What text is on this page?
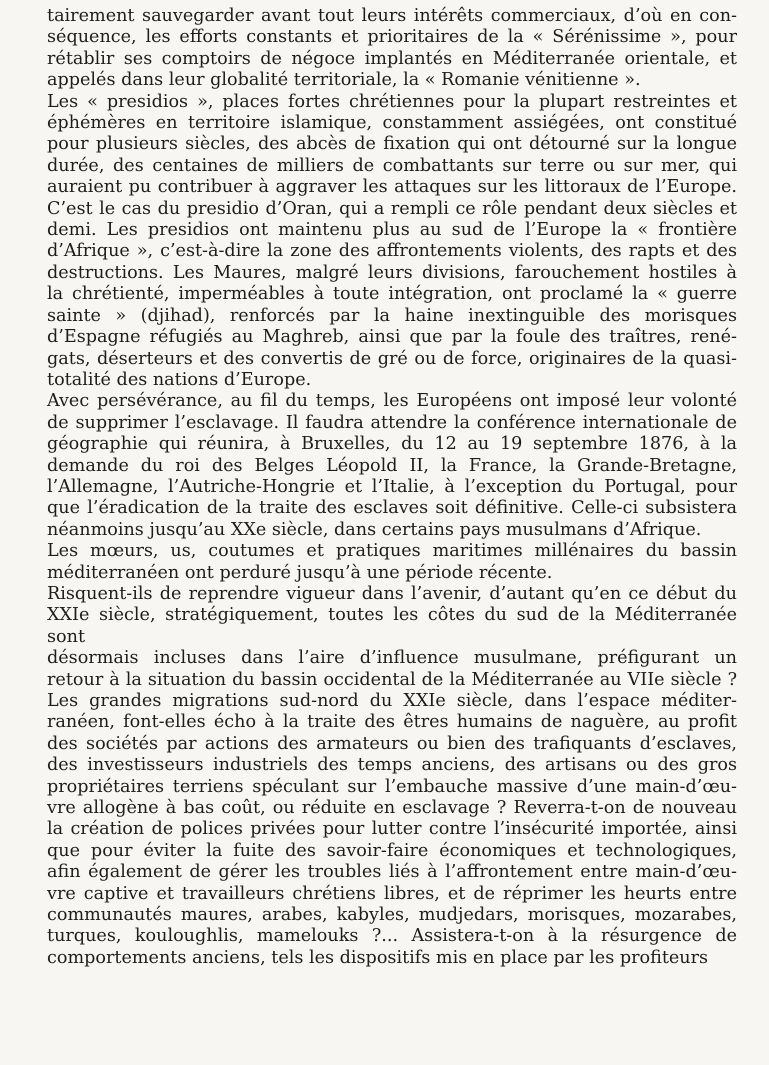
tairement sauvegarder avant tout leurs intérêts commerciaux, d’où en con-
séquence, les efforts constants et prioritaires de la « Sérénissime », pour
rétablir ses comptoirs de négoce implantés en Méditerranée orientale, et
appelés dans leur globalité territoriale, la « Romanie vénitienne ».

Les « presidios », places fortes chrétiennes pour la plupart restreintes et
éphémères en territoire islamique, constamment assiégées, ont constitué
pour plusieurs siècles, des abcès de fixation qui ont détourné sur la longue
durée, des centaines de milliers de combattants sur terre ou sur mer, qui
auraient pu contribuer à aggraver les attaques sur les littoraux de l’Europe.
C’est le cas du presidio d’Oran, qui a rempli ce rôle pendant deux siècles et
demi. Les presidios ont maintenu plus au sud de l’Europe la « frontière
d’Afrique », c’est-à-dire la zone des affrontements violents, des rapts et des
destructions. Les Maures, malgré leurs divisions, farouchement hostiles à
la chrétienté, imperméables à toute intégration, ont proclamé la « guerre
sainte » (djihad), renforcés par la haine inextinguible des morisques
d’Espagne réfugiés au Maghreb, ainsi que par la foule des traîtres, rené-
gats, déserteurs et des convertis de gré ou de force, originaires de la quasi-
totalité des nations d’Europe.

Avec persévérance, au fil du temps, les Européens ont imposé leur volonté
de supprimer l’esclavage. Il faudra attendre la conférence internationale de
géographie qui réunira, à Bruxelles, du 12 au 19 septembre 1876, à la
demande du roi des Belges Léopold II, la France, la Grande-Bretagne,
l’Allemagne, l’Autriche-Hongrie et l’Italie, à l’exception du Portugal, pour
que l’éradication de la traite des esclaves soit définitive. Celle-ci subsistera
néanmoins jusqu’au XXe siècle, dans certains pays musulmans d’Afrique.

Les mœurs, us, coutumes et pratiques maritimes millénaires du bassin
méditerranéen ont perduré jusqu’à une période récente.

Risquent-ils de reprendre vigueur dans l’avenir, d’autant qu’en ce début du
XXIe siècle, stratégiquement, toutes les côtes du sud de la Méditerranée sont
désormais incluses dans l’aire d’influence musulmane, préfigurant un
retour à la situation du bassin occidental de la Méditerranée au VIIe siècle ?
Les grandes migrations sud-nord du XXIe siècle, dans l’espace méditer-
ranéen, font-elles écho à la traite des êtres humains de naguère, au profit
des sociétés par actions des armateurs ou bien des trafiquants d’esclaves,
des investisseurs industriels des temps anciens, des artisans ou des gros
propriétaires terriens spéculant sur l’embauche massive d’une main-d’œu-
vre allogène à bas coût, ou réduite en esclavage ? Reverra-t-on de nouveau
la création de polices privées pour lutter contre l’insécurité importée, ainsi
que pour éviter la fuite des savoir-faire économiques et technologiques,
afin également de gérer les troubles liés à l’affrontement entre main-d’œu-
vre captive et travailleurs chrétiens libres, et de réprimer les heurts entre
communautés maures, arabes, kabyles, mudjedars, morisques, mozarabes,
turques, kouloughlis, mamelouks ?... Assistera-t-on à la résurgence de
comportements anciens, tels les dispositifs mis en place par les profiteurs
